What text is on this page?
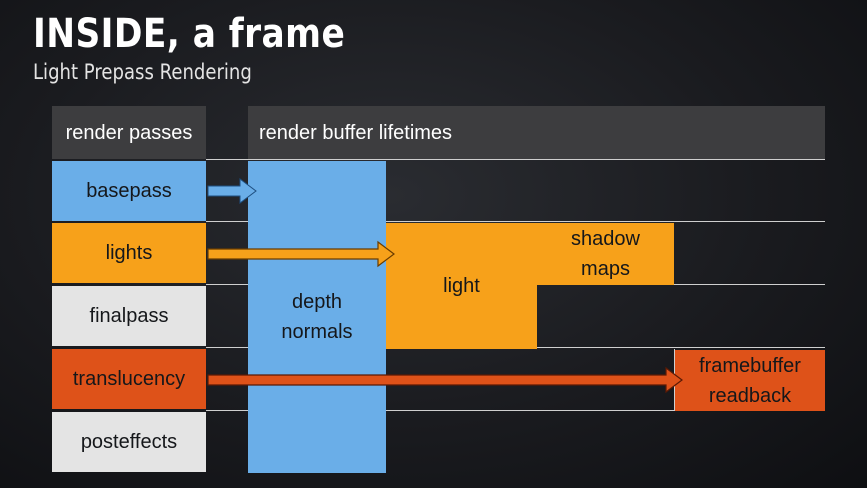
INSIDE, a frame
Light Prepass Rendering
render passes	render buffer lifetimes
basepass
lights
finalpass
translucency
posteffects
depth
normals
light
shadow
maps
framebuffer
readback
